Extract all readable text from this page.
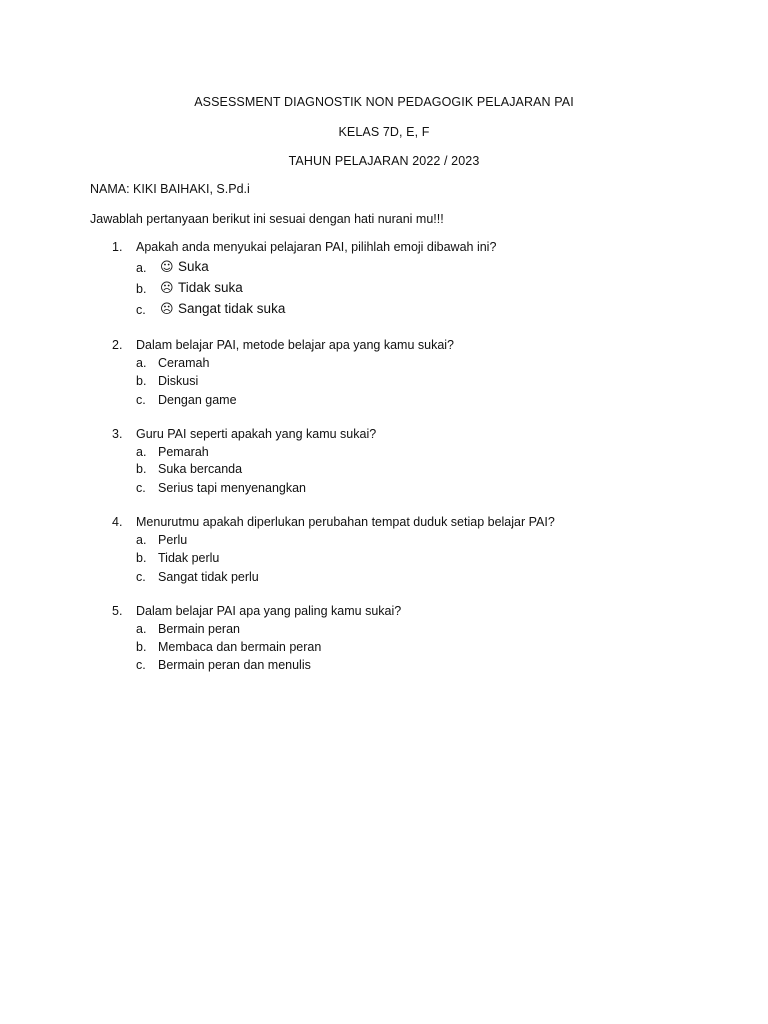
ASSESSMENT DIAGNOSTIK NON PEDAGOGIK PELAJARAN PAI
KELAS 7D, E, F
TAHUN PELAJARAN 2022 / 2023
NAMA: KIKI BAIHAKI, S.Pd.i
Jawablah pertanyaan berikut ini sesuai dengan hati nurani mu!!!
1. Apakah anda menyukai pelajaran PAI, pilihlah emoji dibawah ini?
a. ☺ Suka
b. ☹ Tidak suka
c. ☹ Sangat tidak suka
2. Dalam belajar PAI, metode belajar apa yang kamu sukai?
a. Ceramah
b. Diskusi
c. Dengan game
3. Guru PAI seperti apakah yang kamu sukai?
a. Pemarah
b. Suka bercanda
c. Serius tapi menyenangkan
4. Menurutmu apakah diperlukan perubahan tempat duduk setiap belajar PAI?
a. Perlu
b. Tidak perlu
c. Sangat tidak perlu
5. Dalam belajar PAI apa yang paling kamu sukai?
a. Bermain peran
b. Membaca dan bermain peran
c. Bermain peran dan menulis
